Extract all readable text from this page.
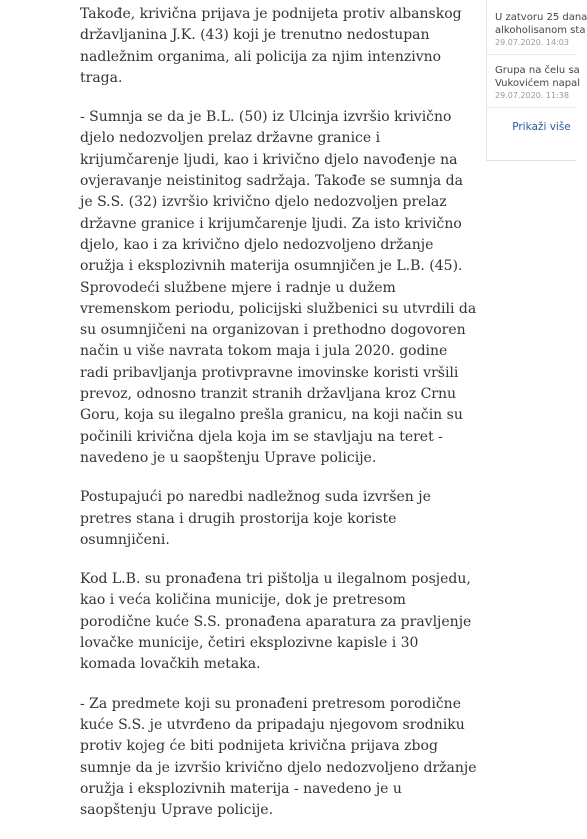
Takođe, krivična prijava je podnijeta protiv albanskog državljanina J.K. (43) koji je trenutno nedostupan nadležnim organima, ali policija za njim intenzivno traga.

- Sumnja se da je B.L. (50) iz Ulcinja izvršio krivično djelo nedozvoljen prelaz državne granice i krijumčarenje ljudi, kao i krivično djelo navođenje na ovjeravanje neistinitog sadržaja. Takođe se sumnja da je S.S. (32) izvršio krivično djelo nedozvoljen prelaz državne granice i krijumčarenje ljudi. Za isto krivično djelo, kao i za krivično djelo nedozvoljeno držanje oružja i eksplozivnih materija osumnjičen je L.B. (45). Sprovodeći službene mjere i radnje u dužem vremenskom periodu, policijski službenici su utvrdili da su osumnjičeni na organizovan i prethodno dogovoren način u više navrata tokom maja i jula 2020. godine radi pribavljanja protivpravne imovinske koristi vršili prevoz, odnosno tranzit stranih državljana kroz Crnu Goru, koja su ilegalno prešla granicu, na koji način su počinili krivična djela koja im se stavljaju na teret - navedeno je u saopštenju Uprave policije.

Postupajući po naredbi nadležnog suda izvršen je pretres stana i drugih prostorija koje koriste osumnjičeni.

Kod L.B. su pronađena tri pištolja u ilegalnom posjedu, kao i veća količina municije, dok je pretresom porodične kuće S.S. pronađena aparatura za pravljenje lovačke municije, četiri eksplozivne kapisle i 30 komada lovačkih metaka.

- Za predmete koji su pronađeni pretresom porodične kuće S.S. je utvrđeno da pripadaju njegovom srodniku protiv kojeg će biti podnijeta krivična prijava zbog sumnje da je izvršio krivično djelo nedozvoljeno držanje oružja i eksplozivnih materija - navedeno je u saopštenju Uprave policije.

U zatvoru 25 dana
alkoholisanom sta
29.07.2020. 14:03
Grupa na čelu sa
Vukovićem napal
29.07.2020. 11:38
Prikaži više
